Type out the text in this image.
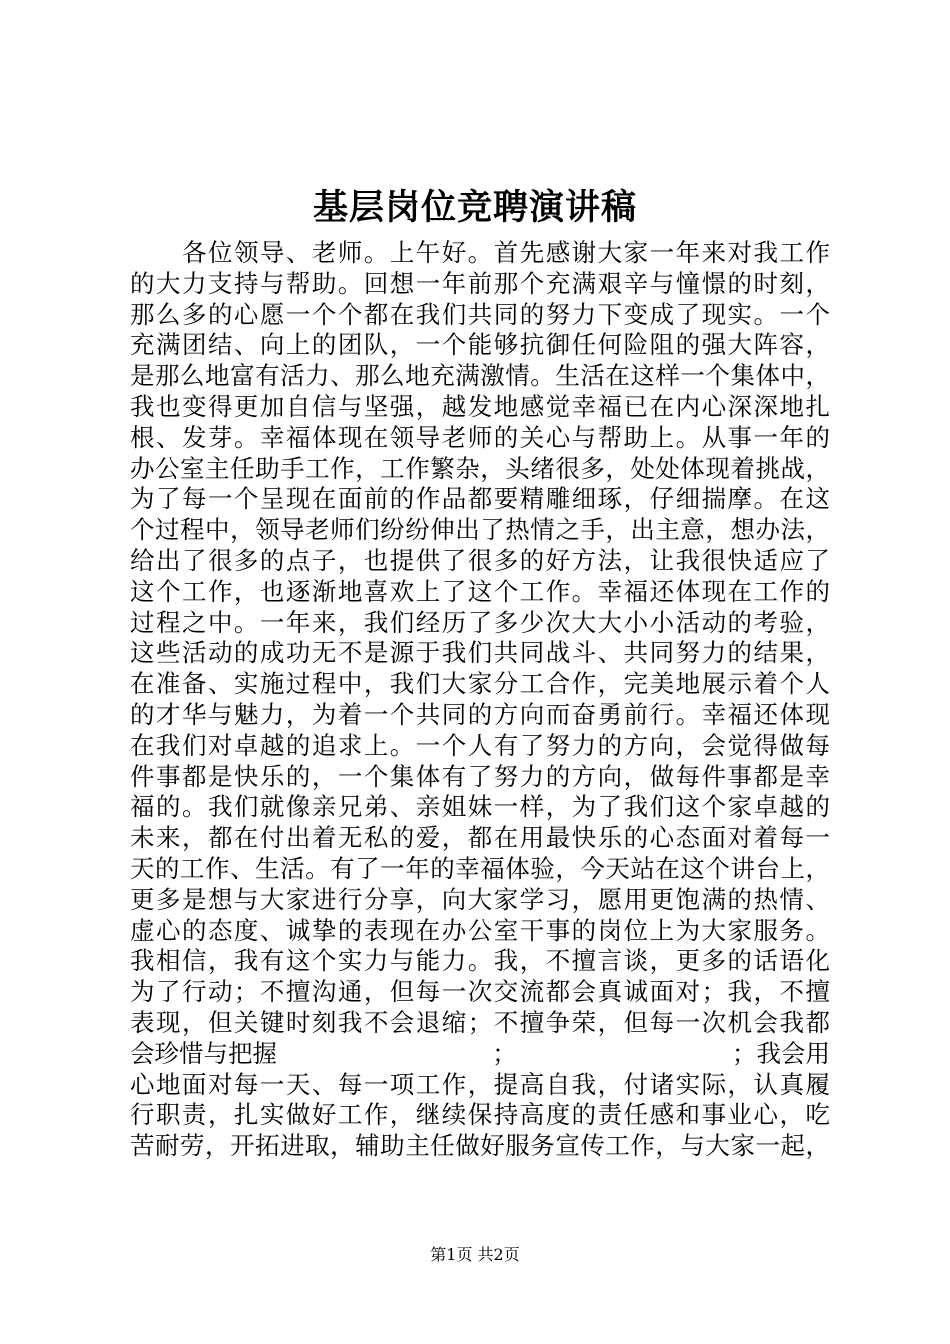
基层岗位竞聘演讲稿
各位领导、老师。上午好。首先感谢大家一年来对我工作
的大力支持与帮助。回想一年前那个充满艰辛与憧憬的时刻，
那么多的心愿一个个都在我们共同的努力下变成了现实。一个
充满团结、向上的团队，一个能够抗御任何险阻的强大阵容，
是那么地富有活力、那么地充满激情。生活在这样一个集体中，
我也变得更加自信与坚强，越发地感觉幸福已在内心深深地扎
根、发芽。幸福体现在领导老师的关心与帮助上。从事一年的
办公室主任助手工作，工作繁杂，头绪很多，处处体现着挑战，
为了每一个呈现在面前的作品都要精雕细琢，仔细揣摩。在这
个过程中，领导老师们纷纷伸出了热情之手，出主意，想办法，
给出了很多的点子，也提供了很多的好方法，让我很快适应了
这个工作，也逐渐地喜欢上了这个工作。幸福还体现在工作的
过程之中。一年来，我们经历了多少次大大小小活动的考验，
这些活动的成功无不是源于我们共同战斗、共同努力的结果，
在准备、实施过程中，我们大家分工合作，完美地展示着个人
的才华与魅力，为着一个共同的方向而奋勇前行。幸福还体现
在我们对卓越的追求上。一个人有了努力的方向，会觉得做每
件事都是快乐的，一个集体有了努力的方向，做每件事都是幸
福的。我们就像亲兄弟、亲姐妹一样，为了我们这个家卓越的
未来，都在付出着无私的爱，都在用最快乐的心态面对着每一
天的工作、生活。有了一年的幸福体验，今天站在这个讲台上，
更多是想与大家进行分享，向大家学习，愿用更饱满的热情、
虚心的态度、诚挚的表现在办公室干事的岗位上为大家服务。
我相信，我有这个实力与能力。我，不擅言谈，更多的话语化
为了行动；不擅沟通，但每一次交流都会真诚面对；我，不擅
表现，但关键时刻我不会退缩；不擅争荣，但每一次机会我都
会珍惜与把握	；	；我会用
心地面对每一天、每一项工作，提高自我，付诸实际，认真履
行职责，扎实做好工作，继续保持高度的责任感和事业心，吃
苦耐劳，开拓进取，辅助主任做好服务宣传工作，与大家一起，
第1页 共2页
